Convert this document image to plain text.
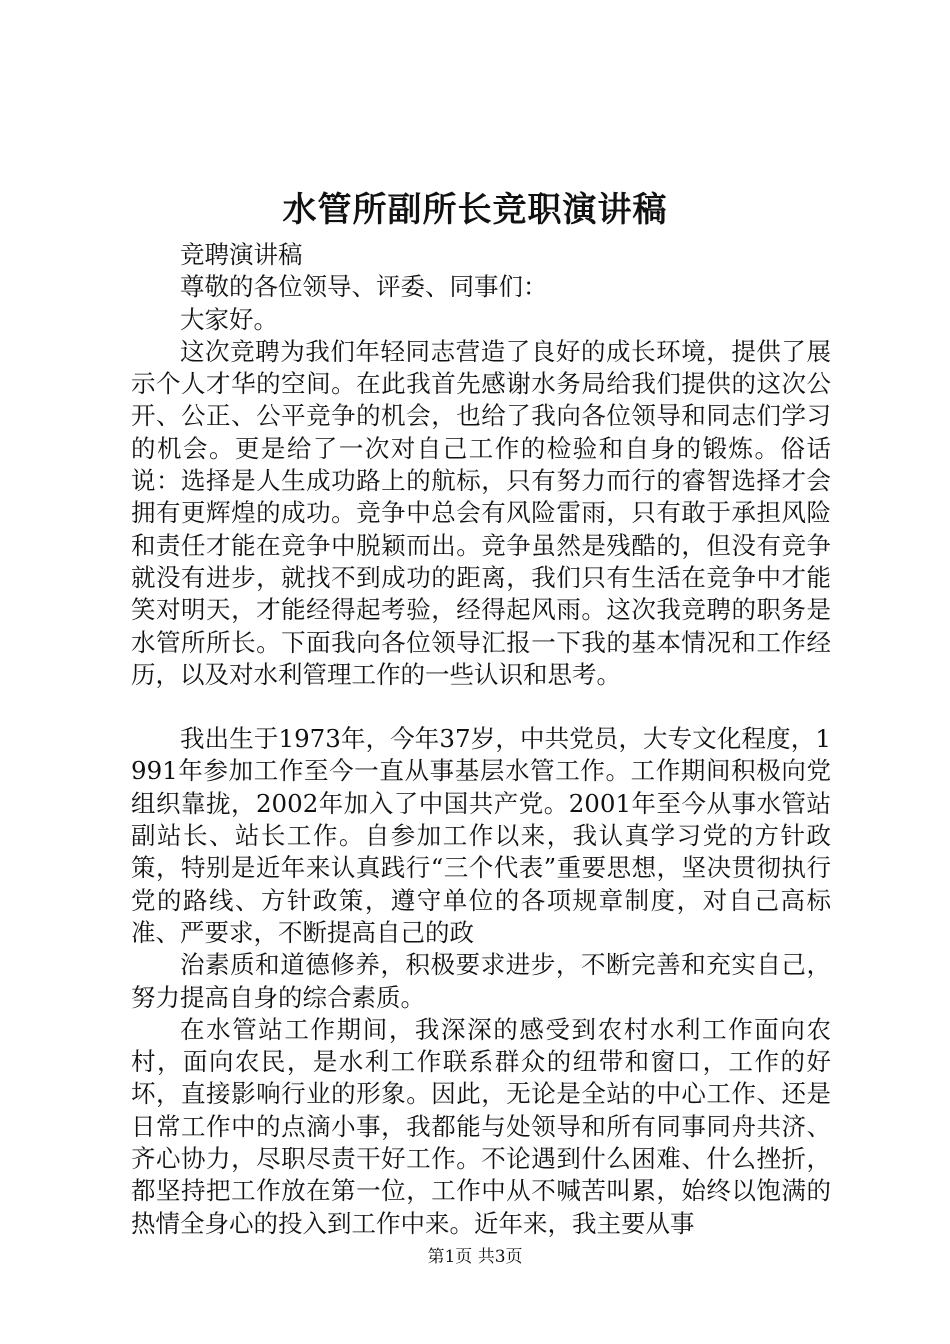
水管所副所长竞职演讲稿

竞聘演讲稿

尊敬的各位领导、评委、同事们：

大家好。

这次竞聘为我们年轻同志营造了良好的成长环境，提供了展示个人才华的空间。在此我首先感谢水务局给我们提供的这次公开、公正、公平竞争的机会，也给了我向各位领导和同志们学习的机会。更是给了一次对自己工作的检验和自身的锻炼。俗话说：选择是人生成功路上的航标，只有努力而行的睿智选择才会拥有更辉煌的成功。竞争中总会有风险雷雨，只有敢于承担风险和责任才能在竞争中脱颖而出。竞争虽然是残酷的，但没有竞争就没有进步，就找不到成功的距离，我们只有生活在竞争中才能笑对明天，才能经得起考验，经得起风雨。这次我竞聘的职务是水管所所长。下面我向各位领导汇报一下我的基本情况和工作经历，以及对水利管理工作的一些认识和思考。

我出生于1973年，今年37岁，中共党员，大专文化程度，1991年参加工作至今一直从事基层水管工作。工作期间积极向党组织靠拢，2002年加入了中国共产党。2001年至今从事水管站副站长、站长工作。自参加工作以来，我认真学习党的方针政策，特别是近年来认真践行“三个代表”重要思想，坚决贯彻执行党的路线、方针政策，遵守单位的各项规章制度，对自己高标准、严要求，不断提高自己的政

治素质和道德修养，积极要求进步，不断完善和充实自己，努力提高自身的综合素质。

在水管站工作期间，我深深的感受到农村水利工作面向农村，面向农民，是水利工作联系群众的纽带和窗口，工作的好坏，直接影响行业的形象。因此，无论是全站的中心工作、还是日常工作中的点滴小事，我都能与处领导和所有同事同舟共济、齐心协力，尽职尽责干好工作。不论遇到什么困难、什么挫折，都坚持把工作放在第一位，工作中从不喊苦叫累，始终以饱满的热情全身心的投入到工作中来。近年来，我主要从事

第1页 共3页
